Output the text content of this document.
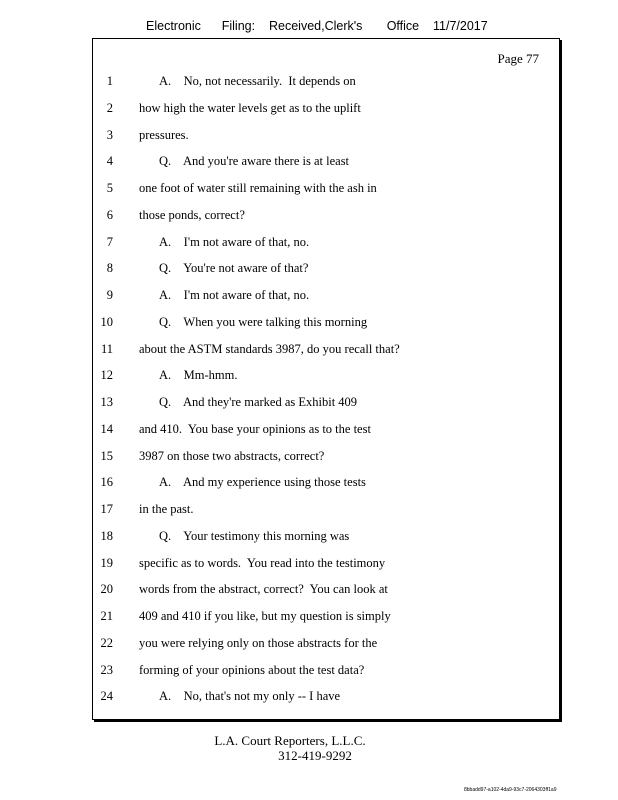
Electronic Filing: Received,Clerk's Office 11/7/2017
Page 77
1	A.    No, not necessarily.  It depends on
2 how high the water levels get as to the uplift
3 pressures.
4	Q.    And you're aware there is at least
5 one foot of water still remaining with the ash in
6 those ponds, correct?
7	A.    I'm not aware of that, no.
8	Q.    You're not aware of that?
9	A.    I'm not aware of that, no.
10	Q.    When you were talking this morning
11 about the ASTM standards 3987, do you recall that?
12	A.    Mm-hmm.
13	Q.    And they're marked as Exhibit 409
14 and 410.  You base your opinions as to the test
15 3987 on those two abstracts, correct?
16	A.    And my experience using those tests
17 in the past.
18	Q.    Your testimony this morning was
19 specific as to words.  You read into the testimony
20 words from the abstract, correct?  You can look at
21 409 and 410 if you like, but my question is simply
22 you were relying only on those abstracts for the
23 forming of your opinions about the test data?
24	A.    No, that's not my only -- I have
L.A. Court Reporters, L.L.C.
312-419-9292
8bbadd97-a102-4da9-93c7-2064303ff1a9
